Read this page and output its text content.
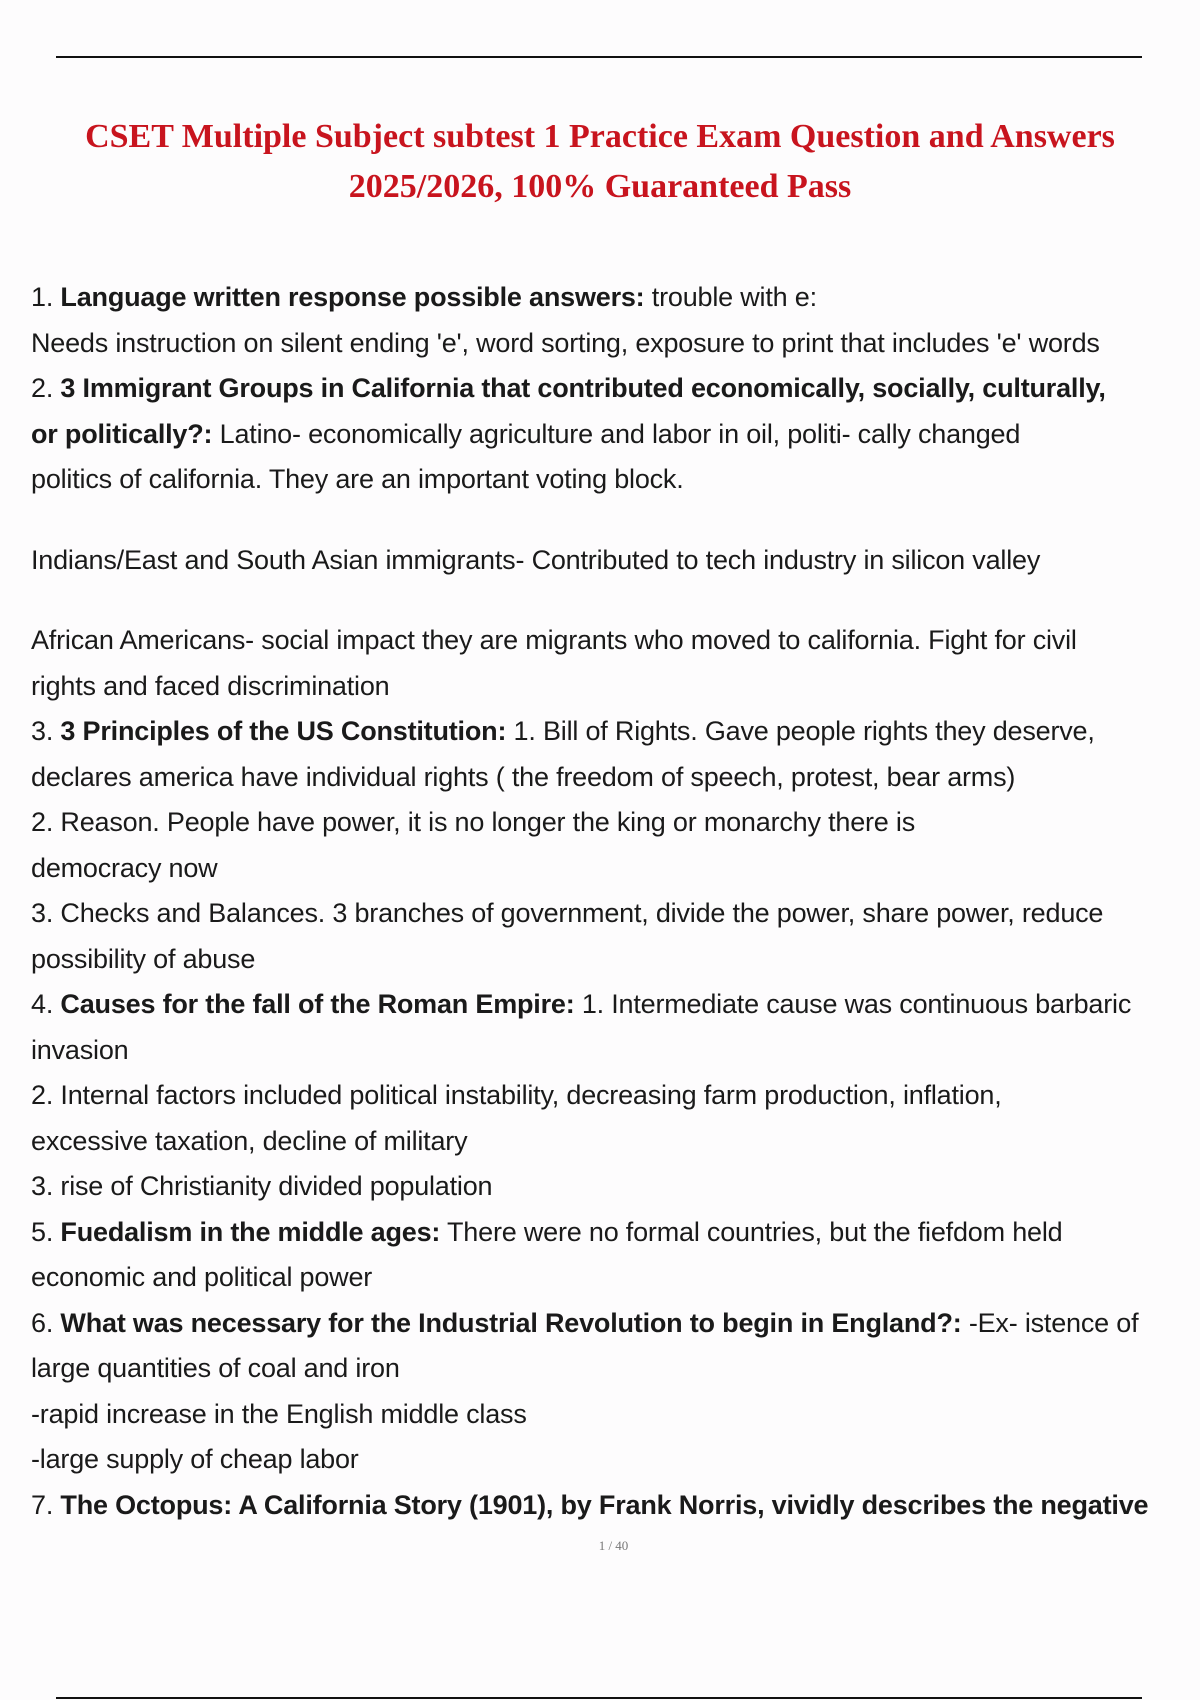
CSET Multiple Subject subtest 1 Practice Exam Question and Answers
2025/2026, 100% Guaranteed Pass

1. Language written response possible answers: trouble with e:

Needs instruction on silent ending 'e', word sorting, exposure to print that includes 'e' words

2. 3 Immigrant Groups in California that contributed economically, socially, culturally,

or politically?: Latino- economically agriculture and labor in oil, politi- cally changed

politics of california. They are an important voting block.

Indians/East and South Asian immigrants- Contributed to tech industry in silicon valley

African Americans- social impact they are migrants who moved to california. Fight for civil

rights and faced discrimination

3. 3 Principles of the US Constitution: 1. Bill of Rights. Gave people rights they deserve,

declares america have individual rights ( the freedom of speech, protest, bear arms)

2. Reason. People have power, it is no longer the king or monarchy there is

democracy now

3. Checks and Balances. 3 branches of government, divide the power, share power, reduce

possibility of abuse

4. Causes for the fall of the Roman Empire: 1. Intermediate cause was continuous barbaric

invasion

2. Internal factors included political instability, decreasing farm production, inflation,

excessive taxation, decline of military

3. rise of Christianity divided population

5. Fuedalism in the middle ages: There were no formal countries, but the fiefdom held

economic and political power

6. What was necessary for the Industrial Revolution to begin in England?: -Ex- istence of

large quantities of coal and iron

-rapid increase in the English middle class

-large supply of cheap labor

7. The Octopus: A California Story (1901), by Frank Norris, vividly describes the negative

1 / 40
